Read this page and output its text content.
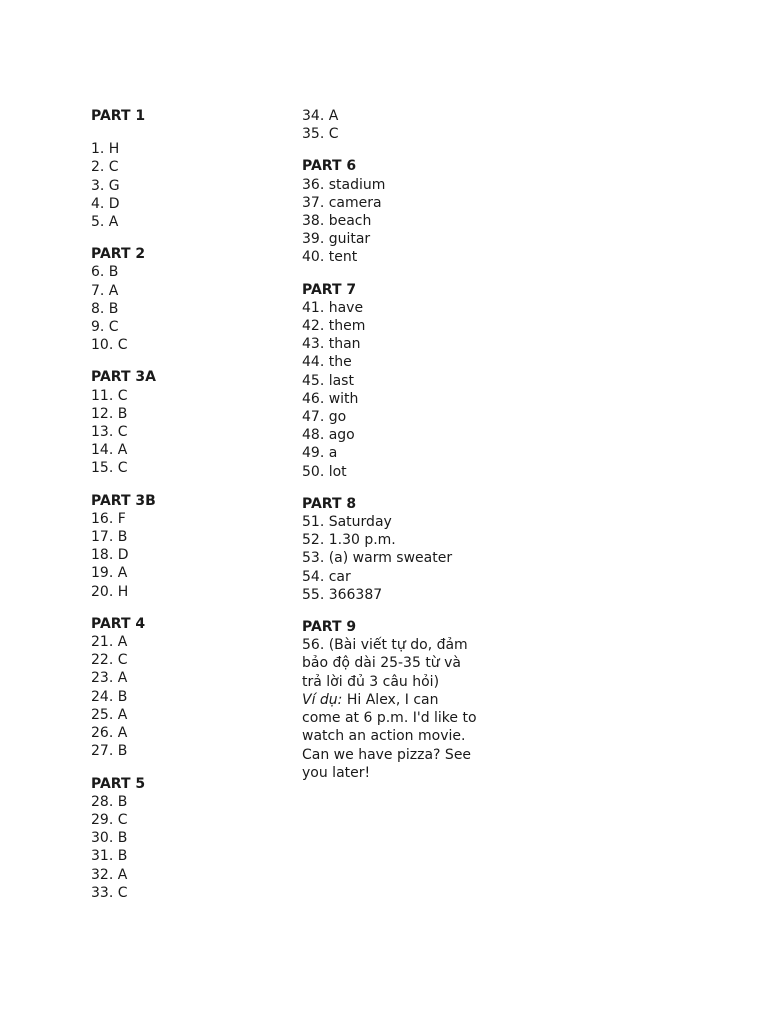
PART 1
1. H
2. C
3. G
4. D
5. A
PART 2
6. B
7. A
8. B
9. C
10. C
PART 3A
11. C
12. B
13. C
14. A
15. C
PART 3B
16. F
17. B
18. D
19. A
20. H
PART 4
21. A
22. C
23. A
24. B
25. A
26. A
27. B
PART 5
28. B
29. C
30. B
31. B
32. A
33. C
34. A
35. C
PART 6
36. stadium
37. camera
38. beach
39. guitar
40. tent
PART 7
41. have
42. them
43. than
44. the
45. last
46. with
47. go
48. ago
49. a
50. lot
PART 8
51. Saturday
52. 1.30 p.m.
53. (a) warm sweater
54. car
55. 366387
PART 9
56. (Bài viết tự do, đảm bảo độ dài 25-35 từ và trả lời đủ 3 câu hỏi)
Ví dụ: Hi Alex, I can come at 6 p.m. I'd like to watch an action movie. Can we have pizza? See you later!
